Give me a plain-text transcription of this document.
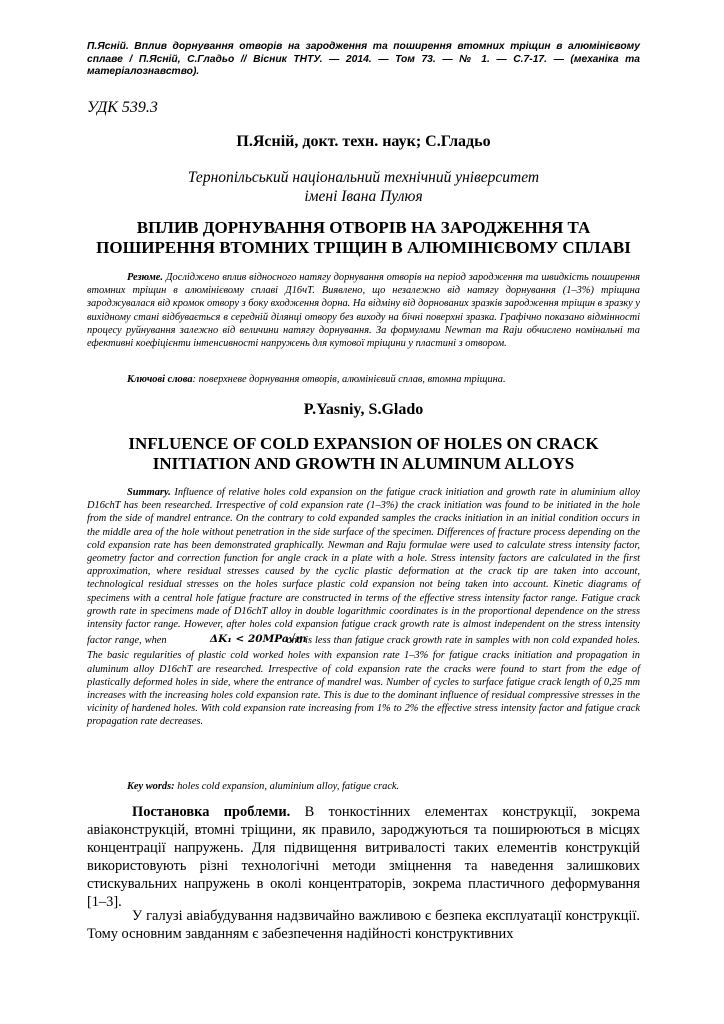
П.Ясній. Вплив дорнування отворів на зародження та поширення втомних тріщин в алюмінієвому сплаве / П.Ясній, С.Гладьо // Вісник ТНТУ. — 2014. — Том 73. — № 1. — С.7-17. — (механіка та матеріалознавство).

УДК 539.3

П.Ясній, докт. техн. наук; С.Гладьо

Тернопільський національний технічний університет
імені Івана Пулюя

ВПЛИВ ДОРНУВАННЯ ОТВОРІВ НА ЗАРОДЖЕННЯ ТА
ПОШИРЕННЯ ВТОМНИХ ТРІЩИН В АЛЮМІНІЄВОМУ СПЛАВІ

Резюме. Досліджено вплив відносного натягу дорнування отворів на період зародження та швидкість поширення втомних тріщин в алюмінієвому сплаві Д16чТ. Виявлено, що незалежно від натягу дорнування (1–3%) тріщина зароджувалася від кромок отвору з боку входження дорна. На відміну від дорнованих зразків зародження тріщин в зразку у вихідному стані відбувається в середній ділянці отвору без виходу на бічні поверхні зразка. Графічно показано відмінності процесу руйнування залежно від величини натягу дорнування. За формулами Newman та Raju обчислено номінальні та ефективні коефіцієнти інтенсивності напружень для кутової тріщини у пластині з отвором.

Ключові слова: поверхневе дорнування отворів, алюмінієвий сплав, втомна тріщина.

P.Yasniy, S.Glado

INFLUENCE OF COLD EXPANSION OF HOLES ON CRACK
INITIATION AND GROWTH IN ALUMINUM ALLOYS

Summary. Influence of relative holes cold expansion on the fatigue crack initiation and growth rate in aluminium alloy D16chT has been researched. Irrespective of cold expansion rate (1–3%) the crack initiation was found to be initiated in the hole from the side of mandrel entrance. On the contrary to cold expanded samples the cracks initiation in an initial condition occurs in the middle area of the hole without penetration in the side surface of the specimen. Differences of fracture process depending on the cold expansion rate has been demonstrated graphically. Newman and Raju formulae were used to calculate stress intensity factor, geometry factor and correction function for angle crack in a plate with a hole. Stress intensity factors are calculated in the first approximation, where residual stresses caused by the cyclic plastic deformation at the crack tip are taken into account, technological residual stresses on the holes surface plastic cold expansion not being taken into account. Kinetic diagrams of specimens with a central hole fatigue fracture are constructed in terms of the effective stress intensity factor range. Fatigue crack growth rate in specimens made of D16chT alloy in double logarithmic coordinates is in the proportional dependence on the stress intensity factor range. However, after holes cold expansion fatigue crack growth rate is almost independent on the stress intensity factor range, when	ΔK₁ < 20MPa√m
and is less than fatigue crack growth rate in samples with non cold expanded holes. The basic regularities of plastic cold worked holes with expansion rate 1–3% for fatigue cracks initiation and propagation in aluminum alloy D16chT are researched. Irrespective of cold expansion rate the cracks were found to start from the edge of plastically deformed holes in side, where the entrance of mandrel was. Number of cycles to surface fatigue crack length of 0,25 mm increases with the increasing holes cold expansion rate. This is due to the dominant influence of residual compressive stresses in the vicinity of hardened holes. With cold expansion rate increasing from 1% to 2% the effective stress intensity factor and fatigue crack propagation rate decreases.

Key words: holes cold expansion, aluminium alloy, fatigue crack.

Постановка проблеми. В тонкостінних елементах конструкції, зокрема авіаконструкцій, втомні тріщини, як правило, зароджуються та поширюються в місцях концентрації напружень. Для підвищення витривалості таких елементів конструкцій використовують різні технологічні методи зміцнення та наведення залишкових стискувальних напружень в околі концентраторів, зокрема пластичного деформування [1–3].

У галузі авіабудування надзвичайно важливою є безпека експлуатації конструкції. Тому основним завданням є забезпечення надійності конструктивних
